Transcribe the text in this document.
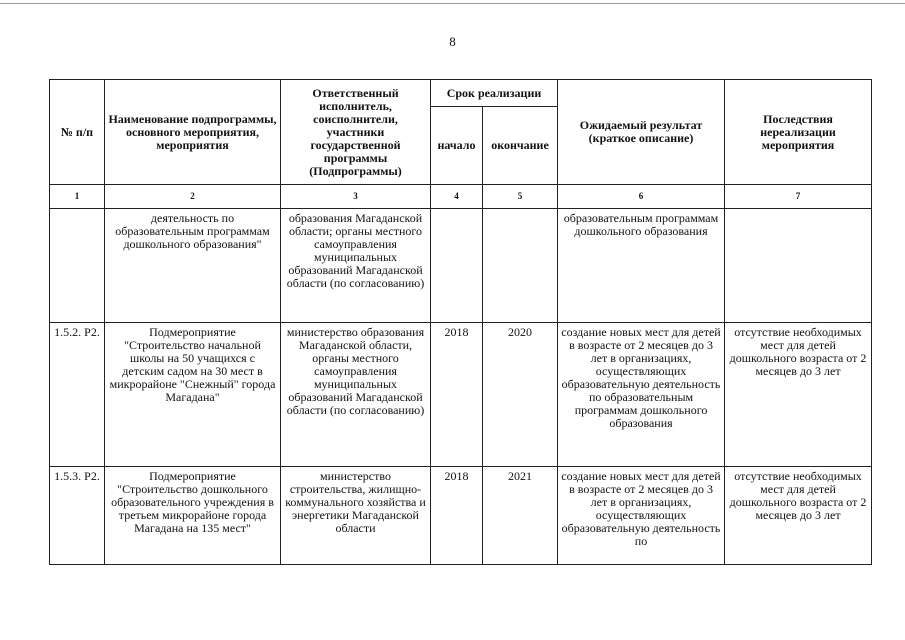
8
№ п/п	Наименование подпрограммы, основного мероприятия, мероприятия	Ответственный исполнитель, соисполнители, участники государственной программы (Подпрограммы)	Срок реализации		Ожидаемый результат (краткое описание)	Последствия нереализации мероприятия
			начало	окончание		
1	2	3	4	5	6	7
	деятельность по образовательным программам дошкольного образования"	образования Магаданской области; органы местного самоуправления муниципальных образований Магаданской области (по согласованию)			образовательным программам дошкольного образования	
1.5.2. Р2.	Подмероприятие "Строительство начальной школы на 50 учащихся с детским садом на 30 мест в микрорайоне "Снежный" города Магадана"	министерство образования Магаданской области, органы местного самоуправления муниципальных образований Магаданской области (по согласованию)	2018	2020	создание новых мест для детей в возрасте от 2 месяцев до 3 лет в организациях, осуществляющих образовательную деятельность по образовательным программам дошкольного образования	отсутствие необходимых мест для детей дошкольного возраста от 2 месяцев до 3 лет
1.5.3. Р2.	Подмероприятие "Строительство дошкольного образовательного учреждения в третьем микрорайоне города Магадана на 135 мест"	министерство строительства, жилищно-коммунального хозяйства и энергетики Магаданской области	2018	2021	создание новых мест для детей в возрасте от 2 месяцев до 3 лет в организациях, осуществляющих образовательную деятельность по	отсутствие необходимых мест для детей дошкольного возраста от 2 месяцев до 3 лет
